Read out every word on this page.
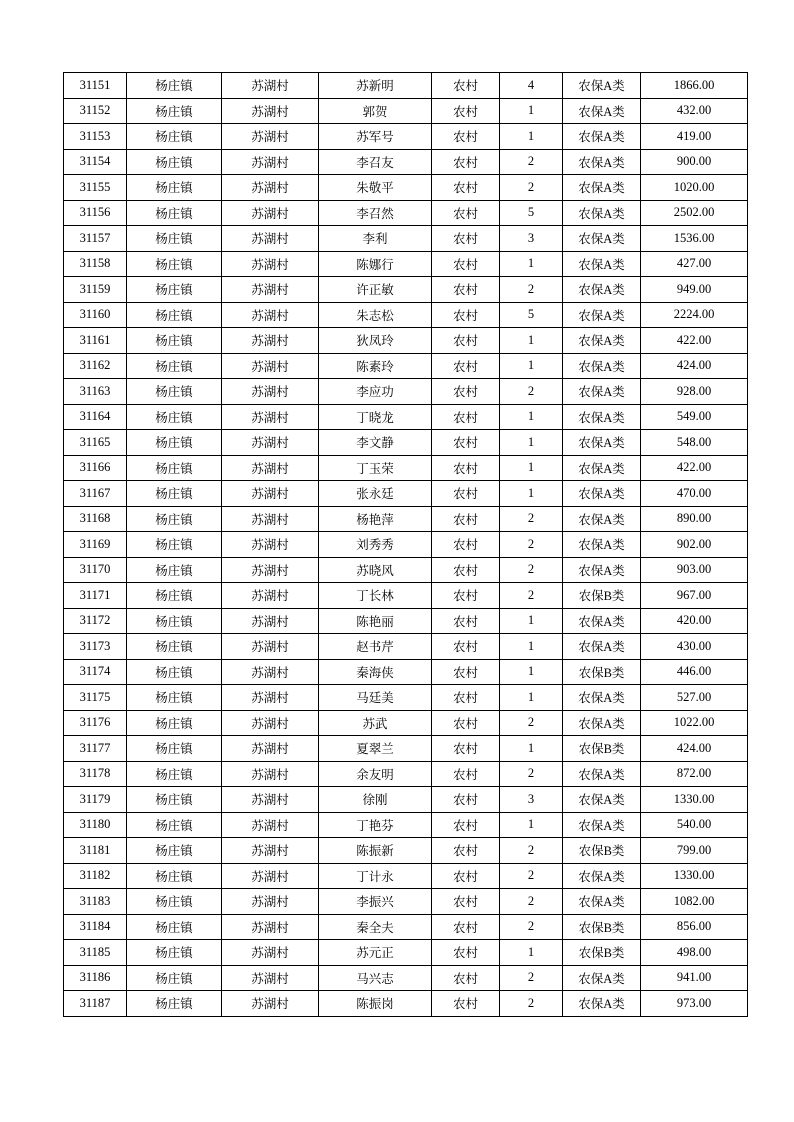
31151	杨庄镇	苏湖村	苏新明	农村	4	农保A类	1866.00
31152	杨庄镇	苏湖村	郭贺	农村	1	农保A类	432.00
31153	杨庄镇	苏湖村	苏军号	农村	1	农保A类	419.00
31154	杨庄镇	苏湖村	李召友	农村	2	农保A类	900.00
31155	杨庄镇	苏湖村	朱敬平	农村	2	农保A类	1020.00
31156	杨庄镇	苏湖村	李召然	农村	5	农保A类	2502.00
31157	杨庄镇	苏湖村	李利	农村	3	农保A类	1536.00
31158	杨庄镇	苏湖村	陈娜行	农村	1	农保A类	427.00
31159	杨庄镇	苏湖村	许正敏	农村	2	农保A类	949.00
31160	杨庄镇	苏湖村	朱志松	农村	5	农保A类	2224.00
31161	杨庄镇	苏湖村	狄凤玲	农村	1	农保A类	422.00
31162	杨庄镇	苏湖村	陈素玲	农村	1	农保A类	424.00
31163	杨庄镇	苏湖村	李应功	农村	2	农保A类	928.00
31164	杨庄镇	苏湖村	丁晓龙	农村	1	农保A类	549.00
31165	杨庄镇	苏湖村	李文静	农村	1	农保A类	548.00
31166	杨庄镇	苏湖村	丁玉荣	农村	1	农保A类	422.00
31167	杨庄镇	苏湖村	张永廷	农村	1	农保A类	470.00
31168	杨庄镇	苏湖村	杨艳萍	农村	2	农保A类	890.00
31169	杨庄镇	苏湖村	刘秀秀	农村	2	农保A类	902.00
31170	杨庄镇	苏湖村	苏晓风	农村	2	农保A类	903.00
31171	杨庄镇	苏湖村	丁长林	农村	2	农保B类	967.00
31172	杨庄镇	苏湖村	陈艳丽	农村	1	农保A类	420.00
31173	杨庄镇	苏湖村	赵书芹	农村	1	农保A类	430.00
31174	杨庄镇	苏湖村	秦海侠	农村	1	农保B类	446.00
31175	杨庄镇	苏湖村	马廷美	农村	1	农保A类	527.00
31176	杨庄镇	苏湖村	苏武	农村	2	农保A类	1022.00
31177	杨庄镇	苏湖村	夏翠兰	农村	1	农保B类	424.00
31178	杨庄镇	苏湖村	余友明	农村	2	农保A类	872.00
31179	杨庄镇	苏湖村	徐刚	农村	3	农保A类	1330.00
31180	杨庄镇	苏湖村	丁艳芬	农村	1	农保A类	540.00
31181	杨庄镇	苏湖村	陈振新	农村	2	农保B类	799.00
31182	杨庄镇	苏湖村	丁计永	农村	2	农保A类	1330.00
31183	杨庄镇	苏湖村	李振兴	农村	2	农保A类	1082.00
31184	杨庄镇	苏湖村	秦全夫	农村	2	农保B类	856.00
31185	杨庄镇	苏湖村	苏元正	农村	1	农保B类	498.00
31186	杨庄镇	苏湖村	马兴志	农村	2	农保A类	941.00
31187	杨庄镇	苏湖村	陈振岗	农村	2	农保A类	973.00
